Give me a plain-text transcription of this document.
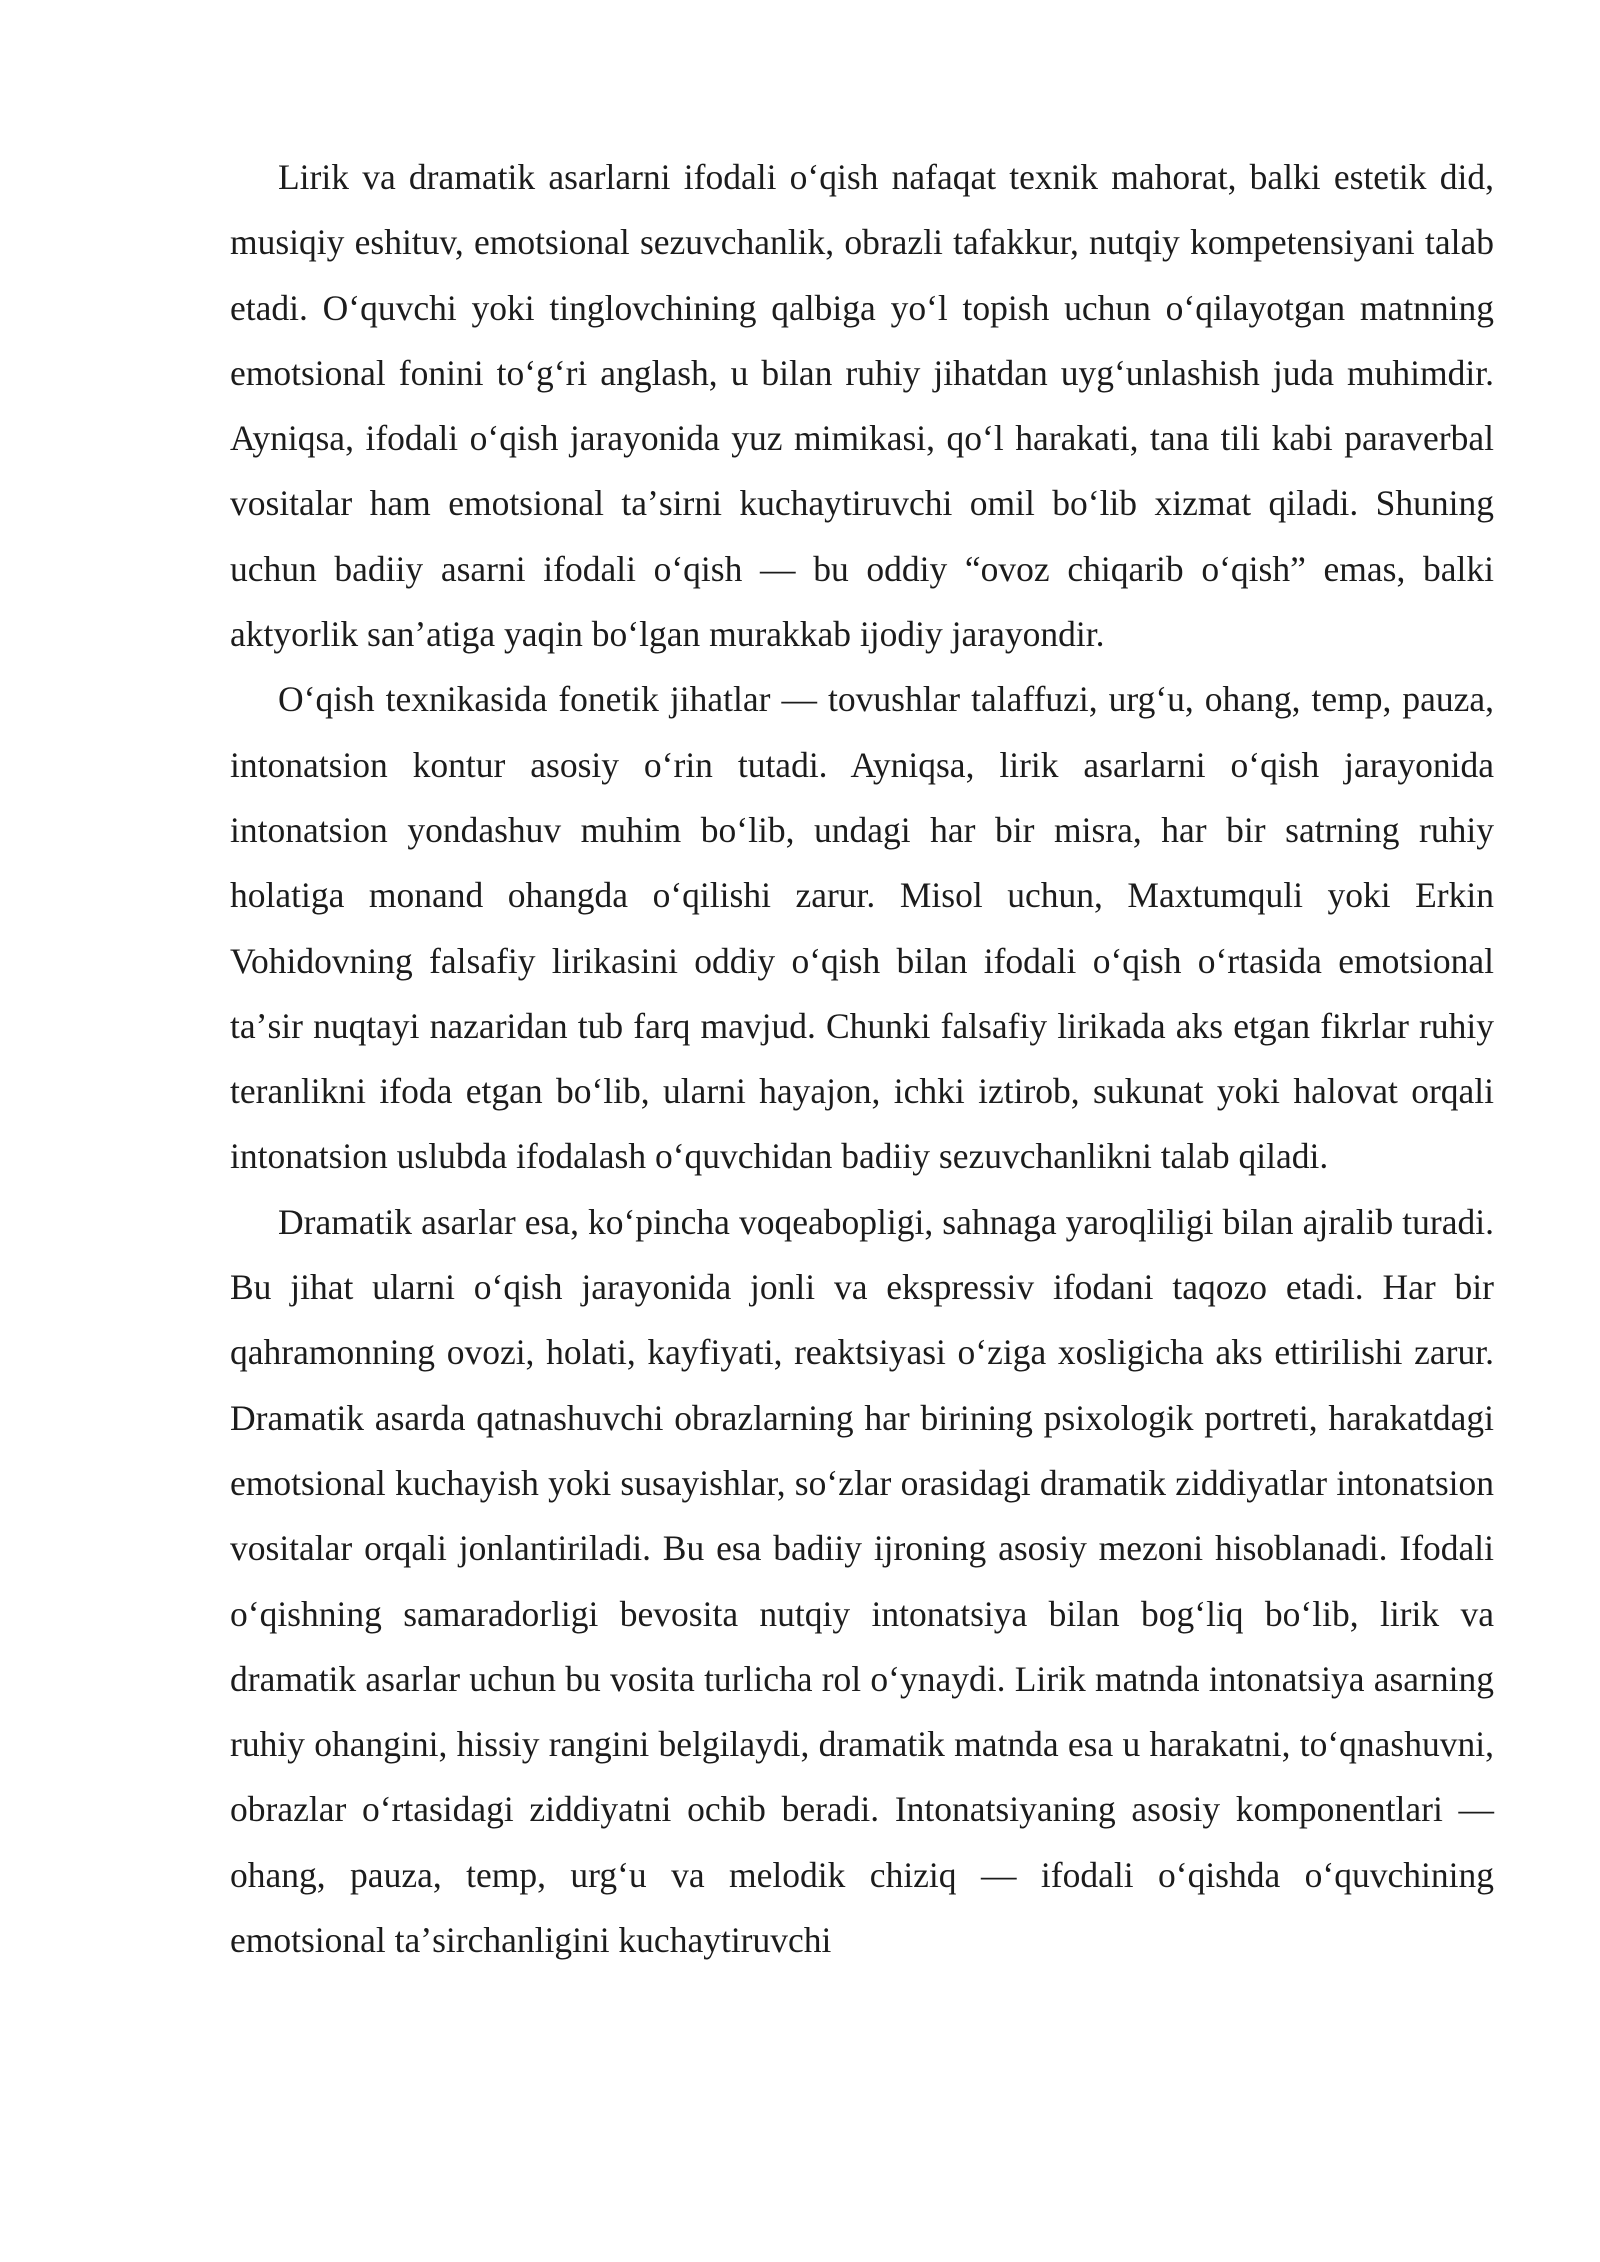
Lirik va dramatik asarlarni ifodali oʻqish nafaqat texnik mahorat, balki estetik did, musiqiy eshituv, emotsional sezuvchanlik, obrazli tafakkur, nutqiy kompetensiyani talab etadi. Oʻquvchi yoki tinglovchining qalbiga yoʻl topish uchun oʻqilayotgan matnning emotsional fonini toʻgʻri anglash, u bilan ruhiy jihatdan uygʻunlashish juda muhimdir. Ayniqsa, ifodali oʻqish jarayonida yuz mimikasi, qoʻl harakati, tana tili kabi paraverbal vositalar ham emotsional taʼsirni kuchaytiruvchi omil boʻlib xizmat qiladi. Shuning uchun badiiy asarni ifodali oʻqish — bu oddiy “ovoz chiqarib oʻqish” emas, balki aktyorlik sanʼatiga yaqin boʻlgan murakkab ijodiy jarayondir.

Oʻqish texnikasida fonetik jihatlar — tovushlar talaffuzi, urgʻu, ohang, temp, pauza, intonatsion kontur asosiy oʻrin tutadi. Ayniqsa, lirik asarlarni oʻqish jarayonida intonatsion yondashuv muhim boʻlib, undagi har bir misra, har bir satrning ruhiy holatiga monand ohangda oʻqilishi zarur. Misol uchun, Maxtumquli yoki Erkin Vohidovning falsafiy lirikasini oddiy oʻqish bilan ifodali oʻqish oʻrtasida emotsional taʼsir nuqtayi nazaridan tub farq mavjud. Chunki falsafiy lirikada aks etgan fikrlar ruhiy teranlikni ifoda etgan boʻlib, ularni hayajon, ichki iztirob, sukunat yoki halovat orqali intonatsion uslubda ifodalash oʻquvchidan badiiy sezuvchanlikni talab qiladi.

Dramatik asarlar esa, koʻpincha voqeabopligi, sahnaga yaroqliligi bilan ajralib turadi. Bu jihat ularni oʻqish jarayonida jonli va ekspressiv ifodani taqozo etadi. Har bir qahramonning ovozi, holati, kayfiyati, reaktsiyasi oʻziga xosligicha aks ettirilishi zarur. Dramatik asarda qatnashuvchi obrazlarning har birining psixologik portreti, harakatdagi emotsional kuchayish yoki susayishlar, soʻzlar orasidagi dramatik ziddiyatlar intonatsion vositalar orqali jonlantiriladi. Bu esa badiiy ijroning asosiy mezoni hisoblanadi. Ifodali oʻqishning samaradorligi bevosita nutqiy intonatsiya bilan bogʻliq boʻlib, lirik va dramatik asarlar uchun bu vosita turlicha rol oʻynaydi. Lirik matnda intonatsiya asarning ruhiy ohangini, hissiy rangini belgilaydi, dramatik matnda esa u harakatni, toʻqnashuvni, obrazlar oʻrtasidagi ziddiyatni ochib beradi. Intonatsiyaning asosiy komponentlari — ohang, pauza, temp, urgʻu va melodik chiziq — ifodali oʻqishda oʻquvchining emotsional taʼsirchanligini kuchaytiruvchi
